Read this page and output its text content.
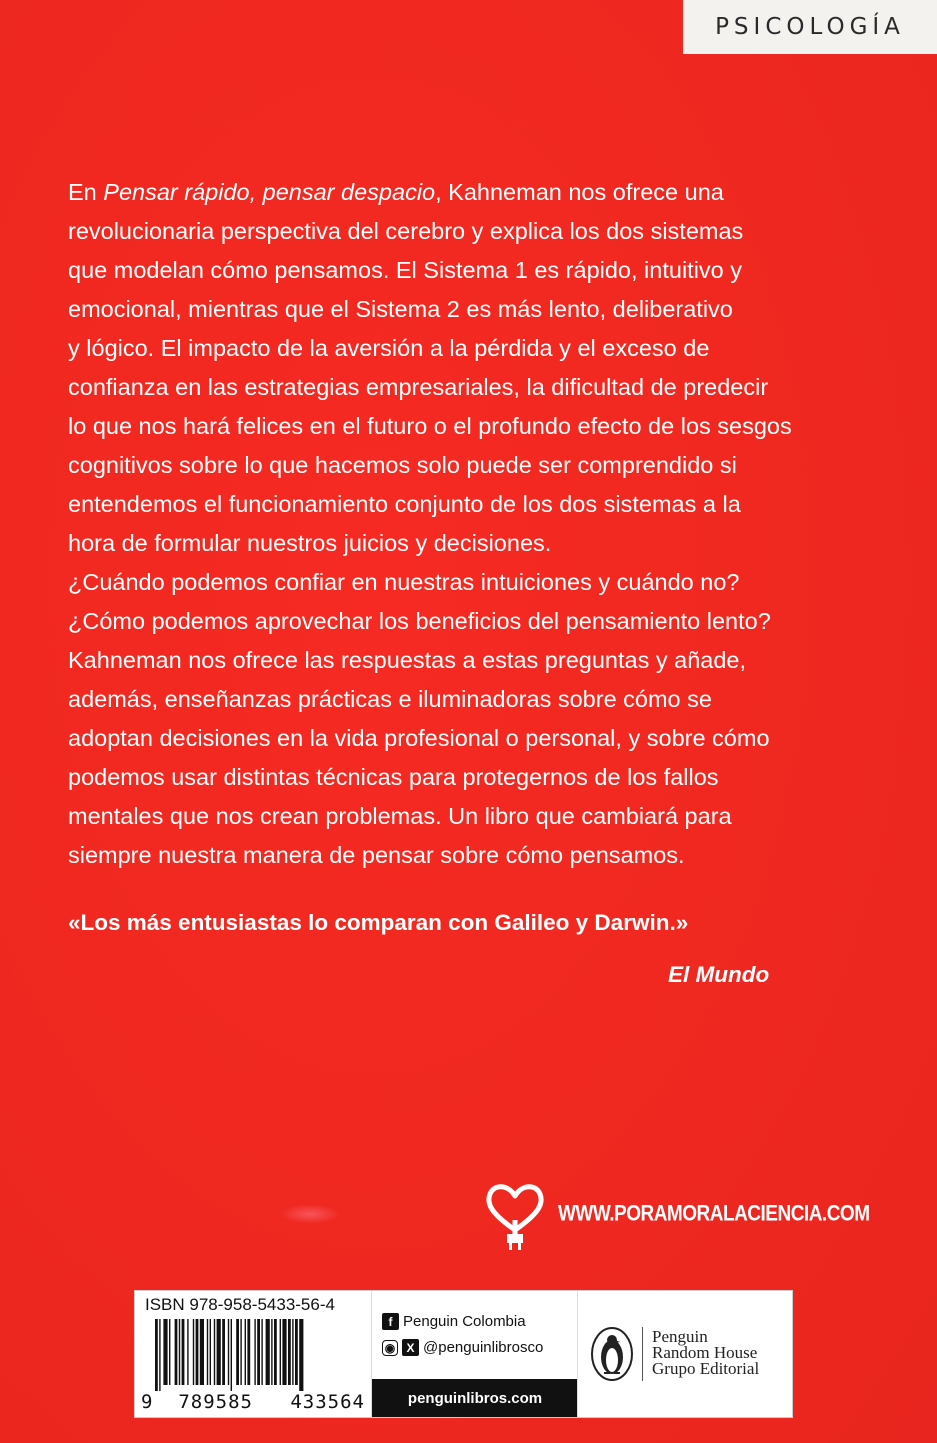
PSICOLOGÍA
En Pensar rápido, pensar despacio, Kahneman nos ofrece una
revolucionaria perspectiva del cerebro y explica los dos sistemas
que modelan cómo pensamos. El Sistema 1 es rápido, intuitivo y
emocional, mientras que el Sistema 2 es más lento, deliberativo
y lógico. El impacto de la aversión a la pérdida y el exceso de
confianza en las estrategias empresariales, la dificultad de predecir
lo que nos hará felices en el futuro o el profundo efecto de los sesgos
cognitivos sobre lo que hacemos solo puede ser comprendido si
entendemos el funcionamiento conjunto de los dos sistemas a la
hora de formular nuestros juicios y decisiones.
¿Cuándo podemos confiar en nuestras intuiciones y cuándo no?
¿Cómo podemos aprovechar los beneficios del pensamiento lento?
Kahneman nos ofrece las respuestas a estas preguntas y añade,
además, enseñanzas prácticas e iluminadoras sobre cómo se
adoptan decisiones en la vida profesional o personal, y sobre cómo
podemos usar distintas técnicas para protegernos de los fallos
mentales que nos crean problemas. Un libro que cambiará para
siempre nuestra manera de pensar sobre cómo pensamos.
«Los más entusiastas lo comparan con Galileo y Darwin.»
El Mundo
WWW.PORAMORALACIENCIA.COM
ISBN 978-958-5433-56-4
9 789585 433564
f Penguin Colombia
◉ X @penguinlibrosco
penguinlibros.com
Penguin
Random House
Grupo Editorial
